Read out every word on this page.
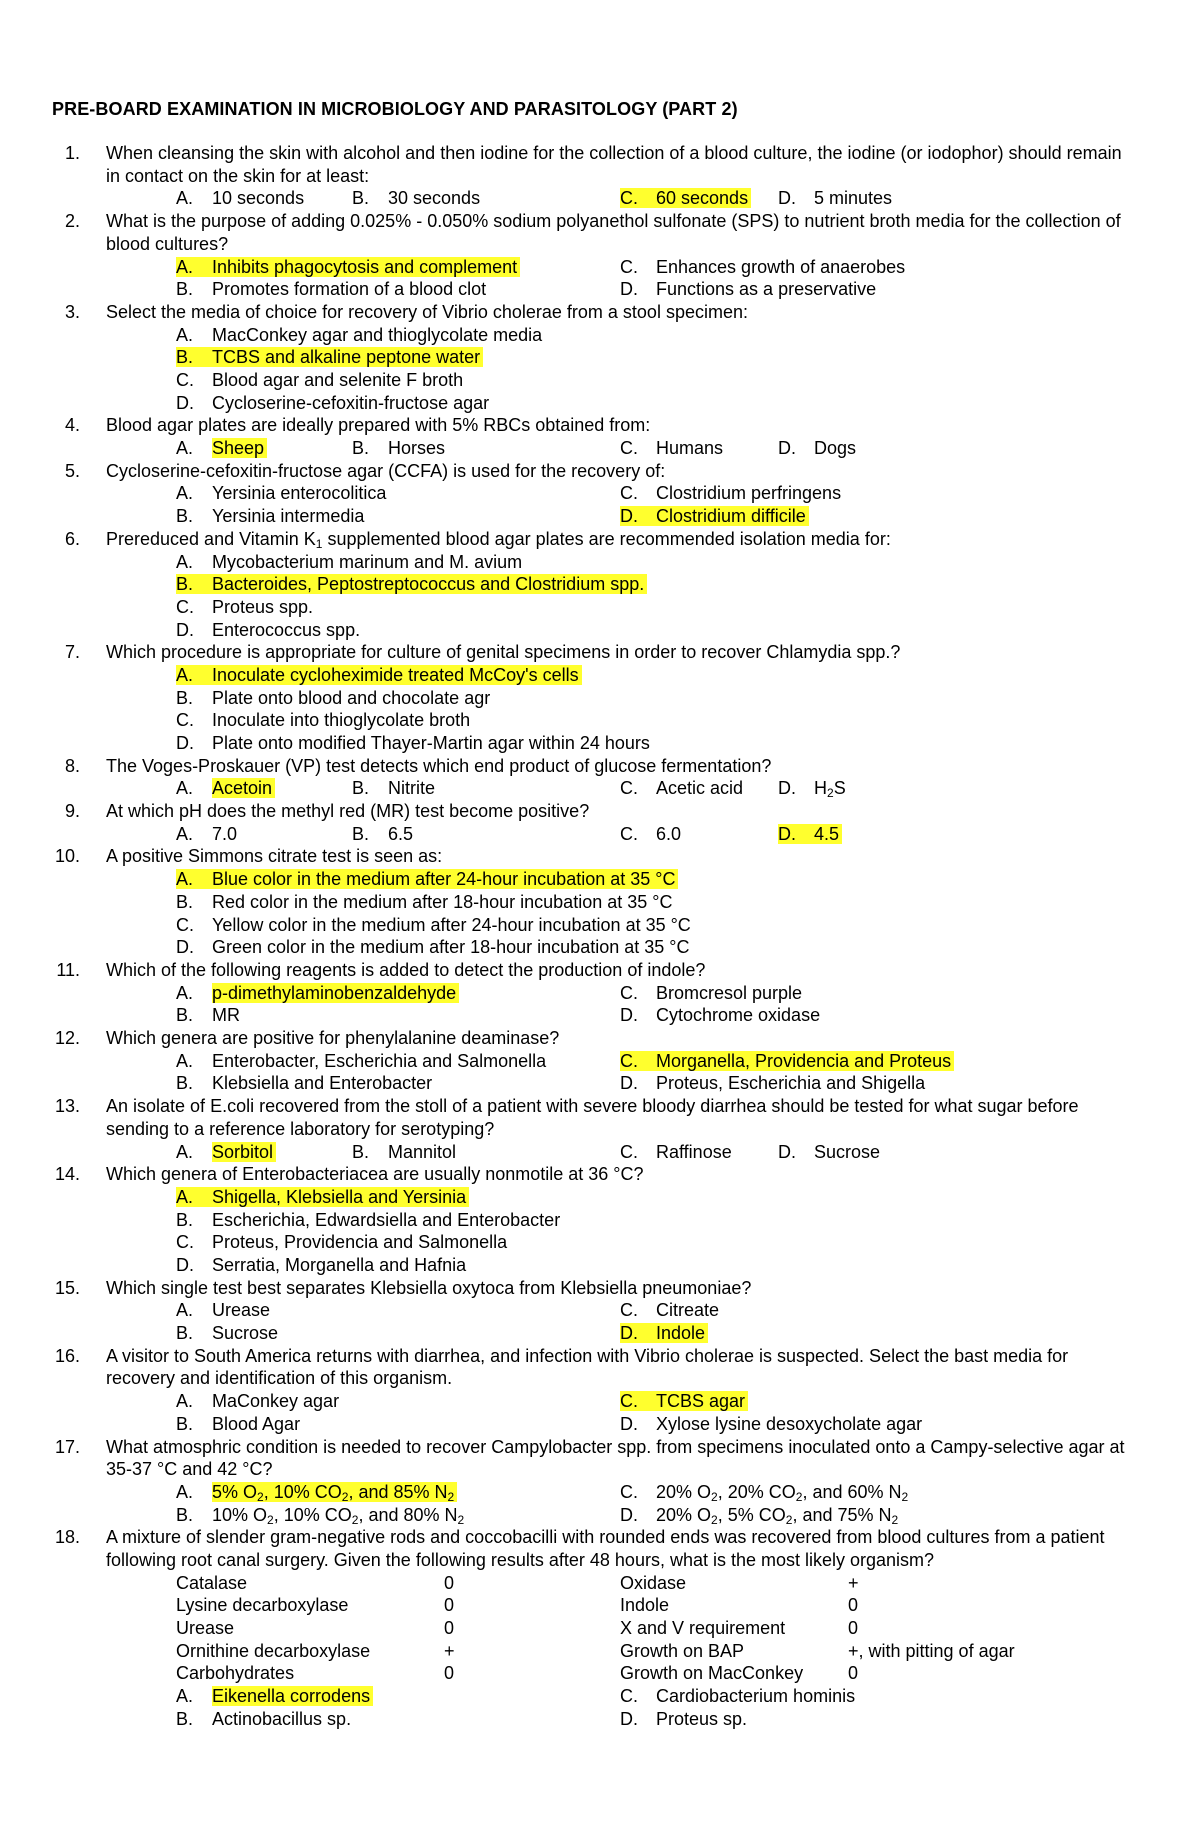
PRE-BOARD EXAMINATION IN MICROBIOLOGY AND PARASITOLOGY (PART 2)
1. When cleansing the skin with alcohol and then iodine for the collection of a blood culture, the iodine (or iodophor) should remain in contact on the skin for at least:
A. 10 seconds	B. 30 seconds	C. 60 seconds D. 5 minutes
2. What is the purpose of adding 0.025% - 0.050% sodium polyanethol sulfonate (SPS) to nutrient broth media for the collection of blood cultures?
A. Inhibits phagocytosis and complement	C. Enhances growth of anaerobes
B. Promotes formation of a blood clot	D. Functions as a preservative
3. Select the media of choice for recovery of Vibrio cholerae from a stool specimen:
A. MacConkey agar and thioglycolate media
B. TCBS and alkaline peptone water
C. Blood agar and selenite F broth
D. Cycloserine-cefoxitin-fructose agar
4. Blood agar plates are ideally prepared with 5% RBCs obtained from:
A. Sheep	B. Horses	C. Humans	D. Dogs
5. Cycloserine-cefoxitin-fructose agar (CCFA) is used for the recovery of:
A. Yersinia enterocolitica	C. Clostridium perfringens
B. Yersinia intermedia	D. Clostridium difficile
6. Prereduced and Vitamin $K_1$ supplemented blood agar plates are recommended isolation media for:
A. Mycobacterium marinum and M. avium
B. Bacteroides, Peptostreptococcus and Clostridium spp.
C. Proteus spp.
D. Enterococcus spp.
7. Which procedure is appropriate for culture of genital specimens in order to recover Chlamydia spp.?
A. Inoculate cycloheximide treated McCoy's cells
B. Plate onto blood and chocolate agr
C. Inoculate into thioglycolate broth
D. Plate onto modified Thayer-Martin agar within 24 hours
8. The Voges-Proskauer (VP) test detects which end product of glucose fermentation?
A. Acetoin	B. Nitrite	C. Acetic acid D. $H_2S$
9. At which pH does the methyl red (MR) test become positive?
A. 7.0	B. 6.5	C. 6.0	D. 4.5
10. A positive Simmons citrate test is seen as:
A. Blue color in the medium after 24-hour incubation at 35 °C
B. Red color in the medium after 18-hour incubation at 35 °C
C. Yellow color in the medium after 24-hour incubation at 35 °C
D. Green color in the medium after 18-hour incubation at 35 °C
11. Which of the following reagents is added to detect the production of indole?
A. p-dimethylaminobenzaldehyde	C. Bromcresol purple
B. MR	D. Cytochrome oxidase
12. Which genera are positive for phenylalanine deaminase?
A. Enterobacter, Escherichia and Salmonella	C. Morganella, Providencia and Proteus
B. Klebsiella and Enterobacter	D. Proteus, Escherichia and Shigella
13. An isolate of E.coli recovered from the stoll of a patient with severe bloody diarrhea should be tested for what sugar before sending to a reference laboratory for serotyping?
A. Sorbitol	B. Mannitol	C. Raffinose	D. Sucrose
14. Which genera of Enterobacteriacea are usually nonmotile at 36 °C?
A. Shigella, Klebsiella and Yersinia
B. Escherichia, Edwardsiella and Enterobacter
C. Proteus, Providencia and Salmonella
D. Serratia, Morganella and Hafnia
15. Which single test best separates Klebsiella oxytoca from Klebsiella pneumoniae?
A. Urease	C. Citreate
B. Sucrose	D. Indole
16. A visitor to South America returns with diarrhea, and infection with Vibrio cholerae is suspected. Select the bast media for recovery and identification of this organism.
A. MaConkey agar	C. TCBS agar
B. Blood Agar	D. Xylose lysine desoxycholate agar
17. What atmosphric condition is needed to recover Campylobacter spp. from specimens inoculated onto a Campy-selective agar at 35-37 °C and 42 °C?
A. 5% $O_2$, 10% $CO_2$, and 85% $N_2$	C. 20% $O_2$, 20% $CO_2$, and 60% $N_2$
B. 10% $O_2$, 10% $CO_2$, and 80% $N_2$	D. 20% $O_2$, 5% $CO_2$, and 75% $N_2$
18. A mixture of slender gram-negative rods and coccobacilli with rounded ends was recovered from blood cultures from a patient following root canal surgery. Given the following results after 48 hours, what is the most likely organism?
Catalase	0	Oxidase	+
Lysine decarboxylase	0	Indole	0
Urease	0	X and V requirement	0
Ornithine decarboxylase	+	Growth on BAP	+, with pitting of agar
Carbohydrates	0	Growth on MacConkey 0
A. Eikenella corrodens	C. Cardiobacterium hominis
B. Actinobacillus sp.	D. Proteus sp.
